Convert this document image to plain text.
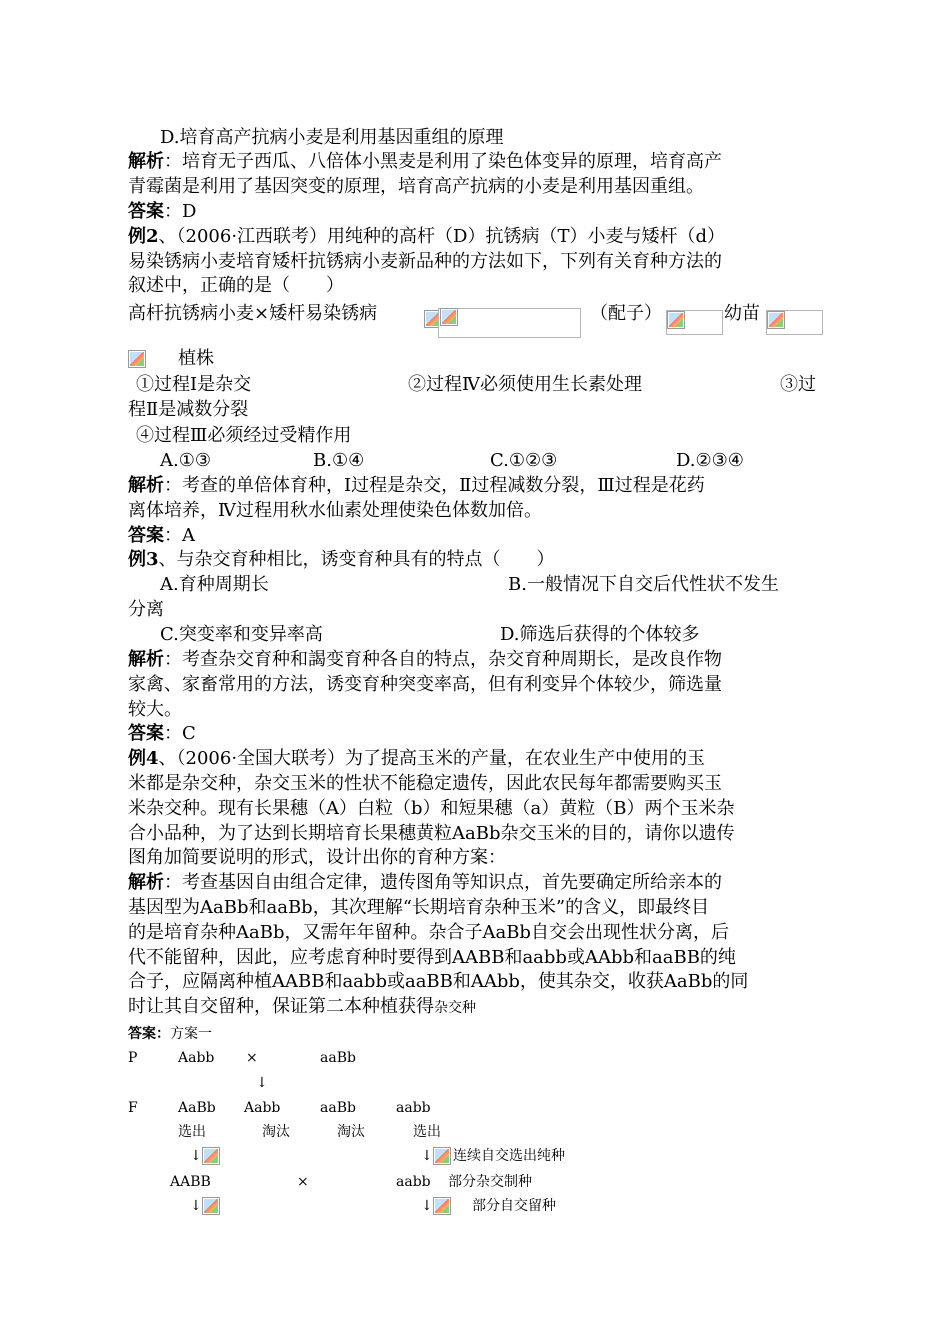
D.培育高产抗病小麦是利用基因重组的原理
解析：培育无子西瓜、八倍体小黑麦是利用了染色体变异的原理，培育高产
青霉菌是利用了基因突变的原理，培育高产抗病的小麦是利用基因重组。
答案：D
例2、（2006·江西联考）用纯种的高杆（D）抗锈病（T）小麦与矮杆（d）
易染锈病小麦培育矮杆抗锈病小麦新品种的方法如下，下列有关育种方法的
叙述中，正确的是（　　）
高杆抗锈病小麦×矮杆易染锈病	（配子）	幼苗
植株
①过程Ⅰ是杂交	②过程Ⅳ必须使用生长素处理	③过
程Ⅱ是减数分裂
④过程Ⅲ必须经过受精作用
A.①③	B.①④	C.①②③	D.②③④
解析：考查的单倍体育种，Ⅰ过程是杂交，Ⅱ过程减数分裂，Ⅲ过程是花药
离体培养，Ⅳ过程用秋水仙素处理使染色体数加倍。
答案：A
例3、与杂交育种相比，诱变育种具有的特点（　　）
A.育种周期长	B.一般情况下自交后代性状不发生
分离
C.突变率和变异率高	D.筛选后获得的个体较多
解析：考查杂交育种和謁变育种各自的特点，杂交育种周期长，是改良作物
家禽、家畜常用的方法，诱变育种突变率高，但有利变异个体较少，筛选量
较大。
答案：C
例4、（2006·全国大联考）为了提高玉米的产量，在农业生产中使用的玉
米都是杂交种，杂交玉米的性状不能稳定遗传，因此农民每年都需要购买玉
米杂交种。现有长果穗（A）白粒（b）和短果穗（a）黄粒（B）两个玉米杂
合小品种，为了达到长期培育长果穗黄粒AaBb杂交玉米的目的，请你以遗传
图角加简要说明的形式，设计出你的育种方案：
解析：考查基因自由组合定律，遗传图角等知识点，首先要确定所给亲本的
基因型为AaBb和aaBb，其次理解“长期培育杂种玉米”的含义，即最终目
的是培育杂种AaBb，又需年年留种。杂合子AaBb自交会出现性状分离，后
代不能留种，因此，应考虑育种时要得到AABB和aabb或AAbb和aaBB的纯
合子，应隔离种植AABB和aabb或aaBB和AAbb，使其杂交，收获AaBb的同
时让其自交留种，保证第二本种植获得杂交种
答案：方案一
P	Aabb ×	aaBb
↓
F	AaBb Aabb	aaBb	aabb
选出	淘汰	淘汰	选出
↓	↓ 连续自交选出纯种
AABB	×	aabb 部分杂交制种
↓	↓	部分自交留种
